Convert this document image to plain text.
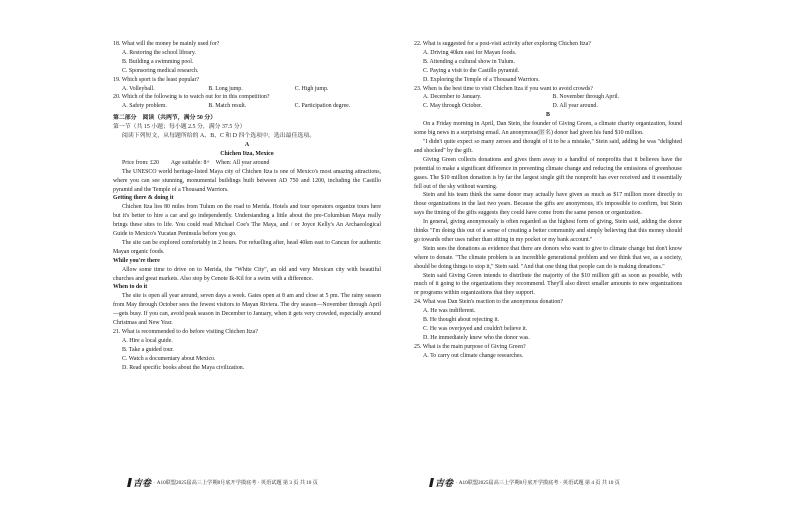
18. What will the money be mainly used for?

A. Restoring the school library.

B. Building a swimming pool.

C. Sponsoring medical research.

19. Which sport is the least popular?

A. Volleyball.	B. Long jump.	C. High jump.

20. Which of the following is to watch out for in this competition?

A. Safety problem.	B. Match result.	C. Participation degree.

第二部分　阅读（共两节，满分 50 分）

第一节（共 15 小题；每小题 2.5 分，满分 37.5 分）

阅读下列短文，从每题所给的 A、B、C 和 D 四个选项中，选出最佳选项。

A

Chichen Itza, Mexico

Price from: £20　　Age suitable: 8+　When: All year around

The UNESCO world heritage-listed Maya city of Chichen Itza is one of Mexico's most amazing attractions, where you can see stunning, monumental buildings built between AD 750 and 1200, including the Castillo pyramid and the Temple of a Thousand Warriors.

Getting there & doing it

Chichen Itza lies 80 miles from Tulum on the road to Merida. Hotels and tour operators organize tours here but it's better to hire a car and go independently. Understanding a little about the pre-Columbian Maya really brings these sites to life. You could read Michael Coe's The Maya, and / or Joyce Kelly's An Archaeological Guide to Mexico's Yucatan Peninsula before you go.

The site can be explored comfortably in 2 hours. For refuelling after, head 40km east to Cancun for authentic Mayan organic foods.

While you're there

Allow some time to drive on to Merida, the "White City", an old and very Mexican city with beautiful churches and great markets. Also stop by Cenote Ik-Kil for a swim with a difference.

When to do it

The site is open all year around, seven days a week. Gates open at 8 am and close at 5 pm. The rainy season from May through October sees the fewest visitors to Mayan Riviera. The dry season—November through April—gets busy. If you can, avoid peak season in December to January, when it gets very crowded, especially around Christmas and New Year.

21. What is recommended to do before visiting Chichen Itza?

A. Hire a local guide.

B. Take a guided tour.

C. Watch a documentary about Mexico.

D. Read specific books about the Maya civilization.

22. What is suggested for a post-visit activity after exploring Chichen Itza?

A. Driving 40km east for Mayan foods.

B. Attending a cultural show in Tulum.

C. Paying a visit to the Castillo pyramid.

D. Exploring the Temple of a Thousand Warriors.

23. When is the best time to visit Chichen Itza if you want to avoid crowds?

A. December to January.	B. November through April.
C. May through October.	D. All year around.

B

On a Friday morning in April, Dan Stein, the founder of Giving Green, a climate charity organization, found some big news in a surprising email. An anonymous(匿名) donor had given his fund $10 million.

"I didn't quite expect so many zeroes and thought of it to be a mistake," Stein said, adding he was "delighted and shocked" by the gift.

Giving Green collects donations and gives them away to a handful of nonprofits that it believes have the potential to make a significant difference in preventing climate change and reducing the emissions of greenhouse gases. The $10 million donation is by far the largest single gift the nonprofit has ever received and it essentially fell out of the sky without warning.

Stein and his team think the same donor may actually have given as much as $17 million more directly to those organizations in the last two years. Because the gifts are anonymous, it's impossible to confirm, but Stein says the timing of the gifts suggests they could have come from the same person or organization.

In general, giving anonymously is often regarded as the highest form of giving, Stein said, adding the donor thinks "I'm doing this out of a sense of creating a better community and simply believing that this money should go towards other uses rather than sitting in my pocket or my bank account."

Stein sees the donations as evidence that there are donors who want to give to climate change but don't know where to donate. "The climate problem is an incredible generational problem and we think that we, as a society, should be doing things to stop it," Stein said. "And that one thing that people can do is making donations."

Stein said Giving Green intends to distribute the majority of the $10 million gift as soon as possible, with much of it going to the organizations they recommend. They'll also direct smaller amounts to new organizations or programs within organizations that they support.

24. What was Dan Stein's reaction to the anonymous donation?

A. He was indifferent.

B. He thought about rejecting it.

C. He was overjoyed and couldn't believe it.

D. He immediately knew who the donor was.

25. What is the main purpose of Giving Green?

A. To carry out climate change researches.

吉卷 · A10联盟2025届高三上学期8月底开学摸底考 · 英语试题 第 3 页 共 10 页	吉卷 · A10联盟2025届高三上学期8月底开学摸底考 · 英语试题 第 4 页 共 10 页
